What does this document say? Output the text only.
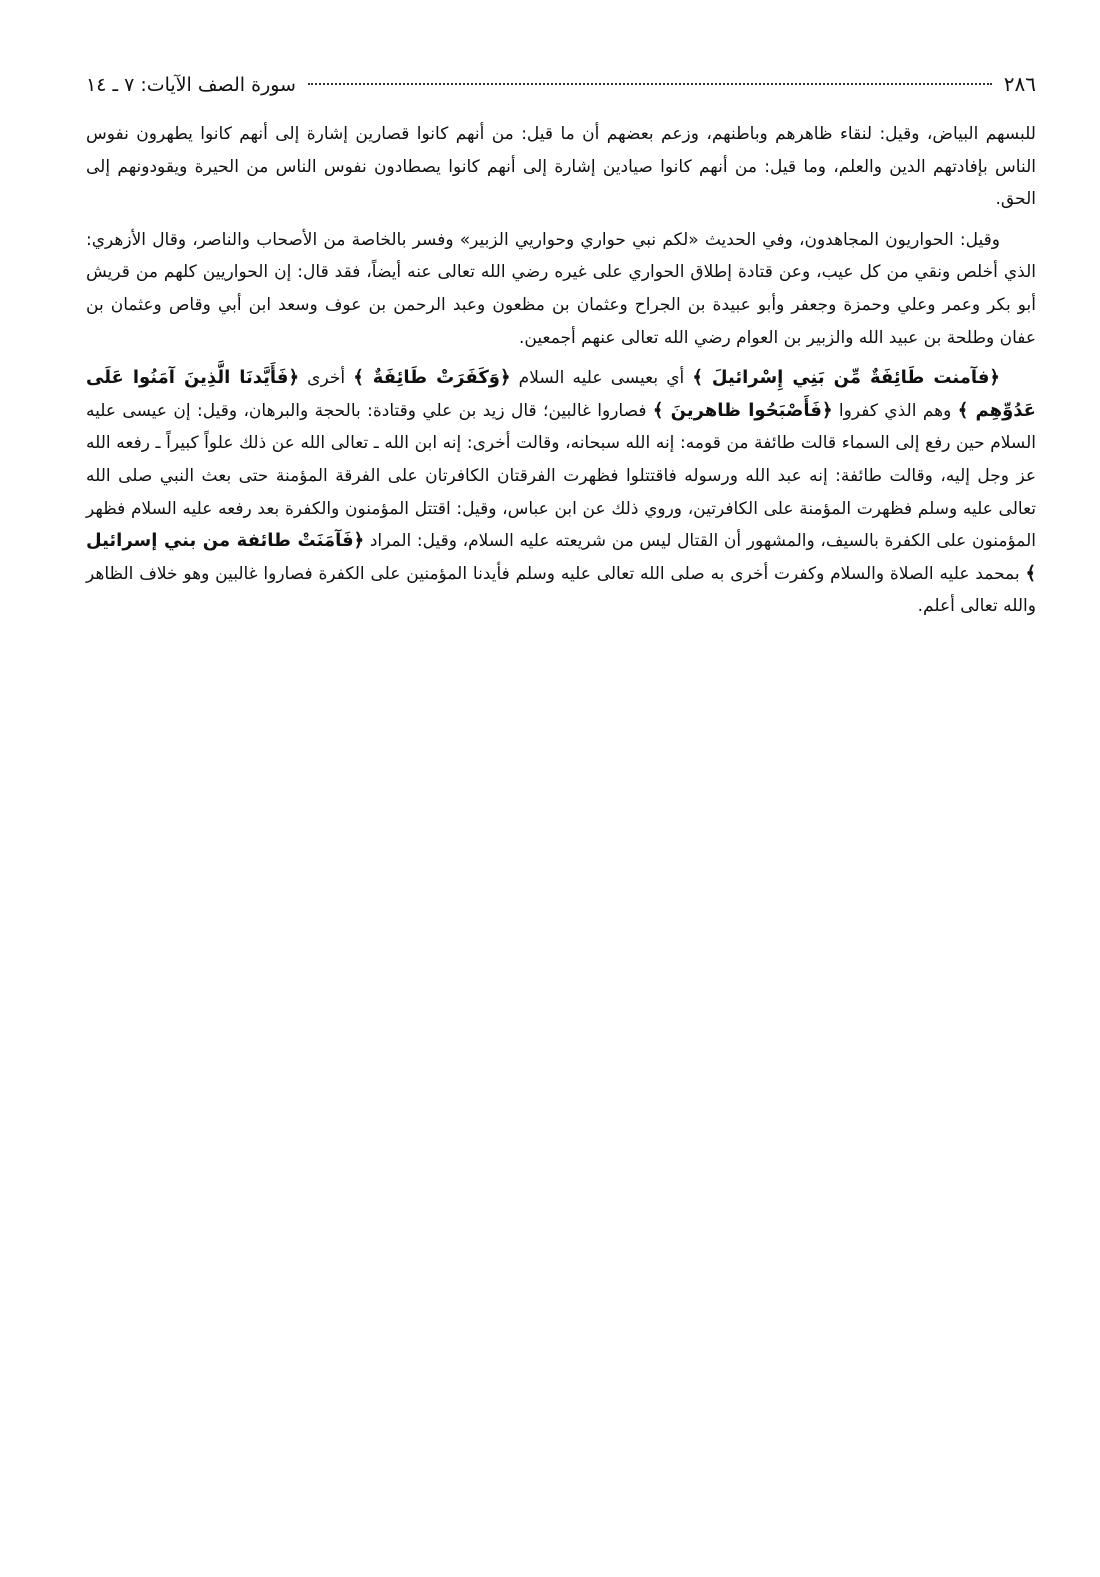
٢٨٦
سورة الصف الآيات: ٧ ـ ١٤

للبسهم البياض، وقيل: لنقاء ظاهرهم وباطنهم، وزعم بعضهم أن ما قيل: من أنهم كانوا قصارين إشارة إلى أنهم كانوا يطهرون نفوس الناس بإفادتهم الدين والعلم، وما قيل: من أنهم كانوا صيادين إشارة إلى أنهم كانوا يصطادون نفوس الناس من الحيرة ويقودونهم إلى الحق.

وقيل: الحواريون المجاهدون، وفي الحديث «لكم نبي حواري وحواريي الزبير» وفسر بالخاصة من الأصحاب والناصر، وقال الأزهري: الذي أخلص ونقي من كل عيب، وعن قتادة إطلاق الحواري على غيره رضي الله تعالى عنه أيضاً، فقد قال: إن الحواريين كلهم من قريش أبو بكر وعمر وعلي وحمزة وجعفر وأبو عبيدة بن الجراح وعثمان بن مظعون وعبد الرحمن بن عوف وسعد ابن أبي وقاص وعثمان بن عفان وطلحة بن عبيد الله والزبير بن العوام رضي الله تعالى عنهم أجمعين.

﴿فآمنت طَائِفَةٌ مِّن بَنِي إِسْرائيلَ ﴾ أي بعيسى عليه السلام ﴿وَكَفَرَتْ طَائِفَةٌ ﴾ أخرى ﴿فَأَيَّدنَا الَّذِينَ آمَنُوا عَلَى عَدُوِّهِم ﴾ وهم الذي كفروا ﴿فَأَصْبَحُوا ظاهرينَ ﴾ فصاروا غالبين؛ قال زيد بن علي وقتادة: بالحجة والبرهان، وقيل: إن عيسى عليه السلام حين رفع إلى السماء قالت طائفة من قومه: إنه الله سبحانه، وقالت أخرى: إنه ابن الله ـ تعالى الله عن ذلك علواً كبيراً ـ رفعه الله عز وجل إليه، وقالت طائفة: إنه عبد الله ورسوله فاقتتلوا فظهرت الفرقتان الكافرتان على الفرقة المؤمنة حتى بعث النبي صلى الله تعالى عليه وسلم فظهرت المؤمنة على الكافرتين، وروي ذلك عن ابن عباس، وقيل: اقتتل المؤمنون والكفرة بعد رفعه عليه السلام فظهر المؤمنون على الكفرة بالسيف، والمشهور أن القتال ليس من شريعته عليه السلام، وقيل: المراد ﴿فَآمَنَتْ طائفة من بني إسرائيل ﴾ بمحمد عليه الصلاة والسلام وكفرت أخرى به صلى الله تعالى عليه وسلم فأيدنا المؤمنين على الكفرة فصاروا غالبين وهو خلاف الظاهر والله تعالى أعلم.
